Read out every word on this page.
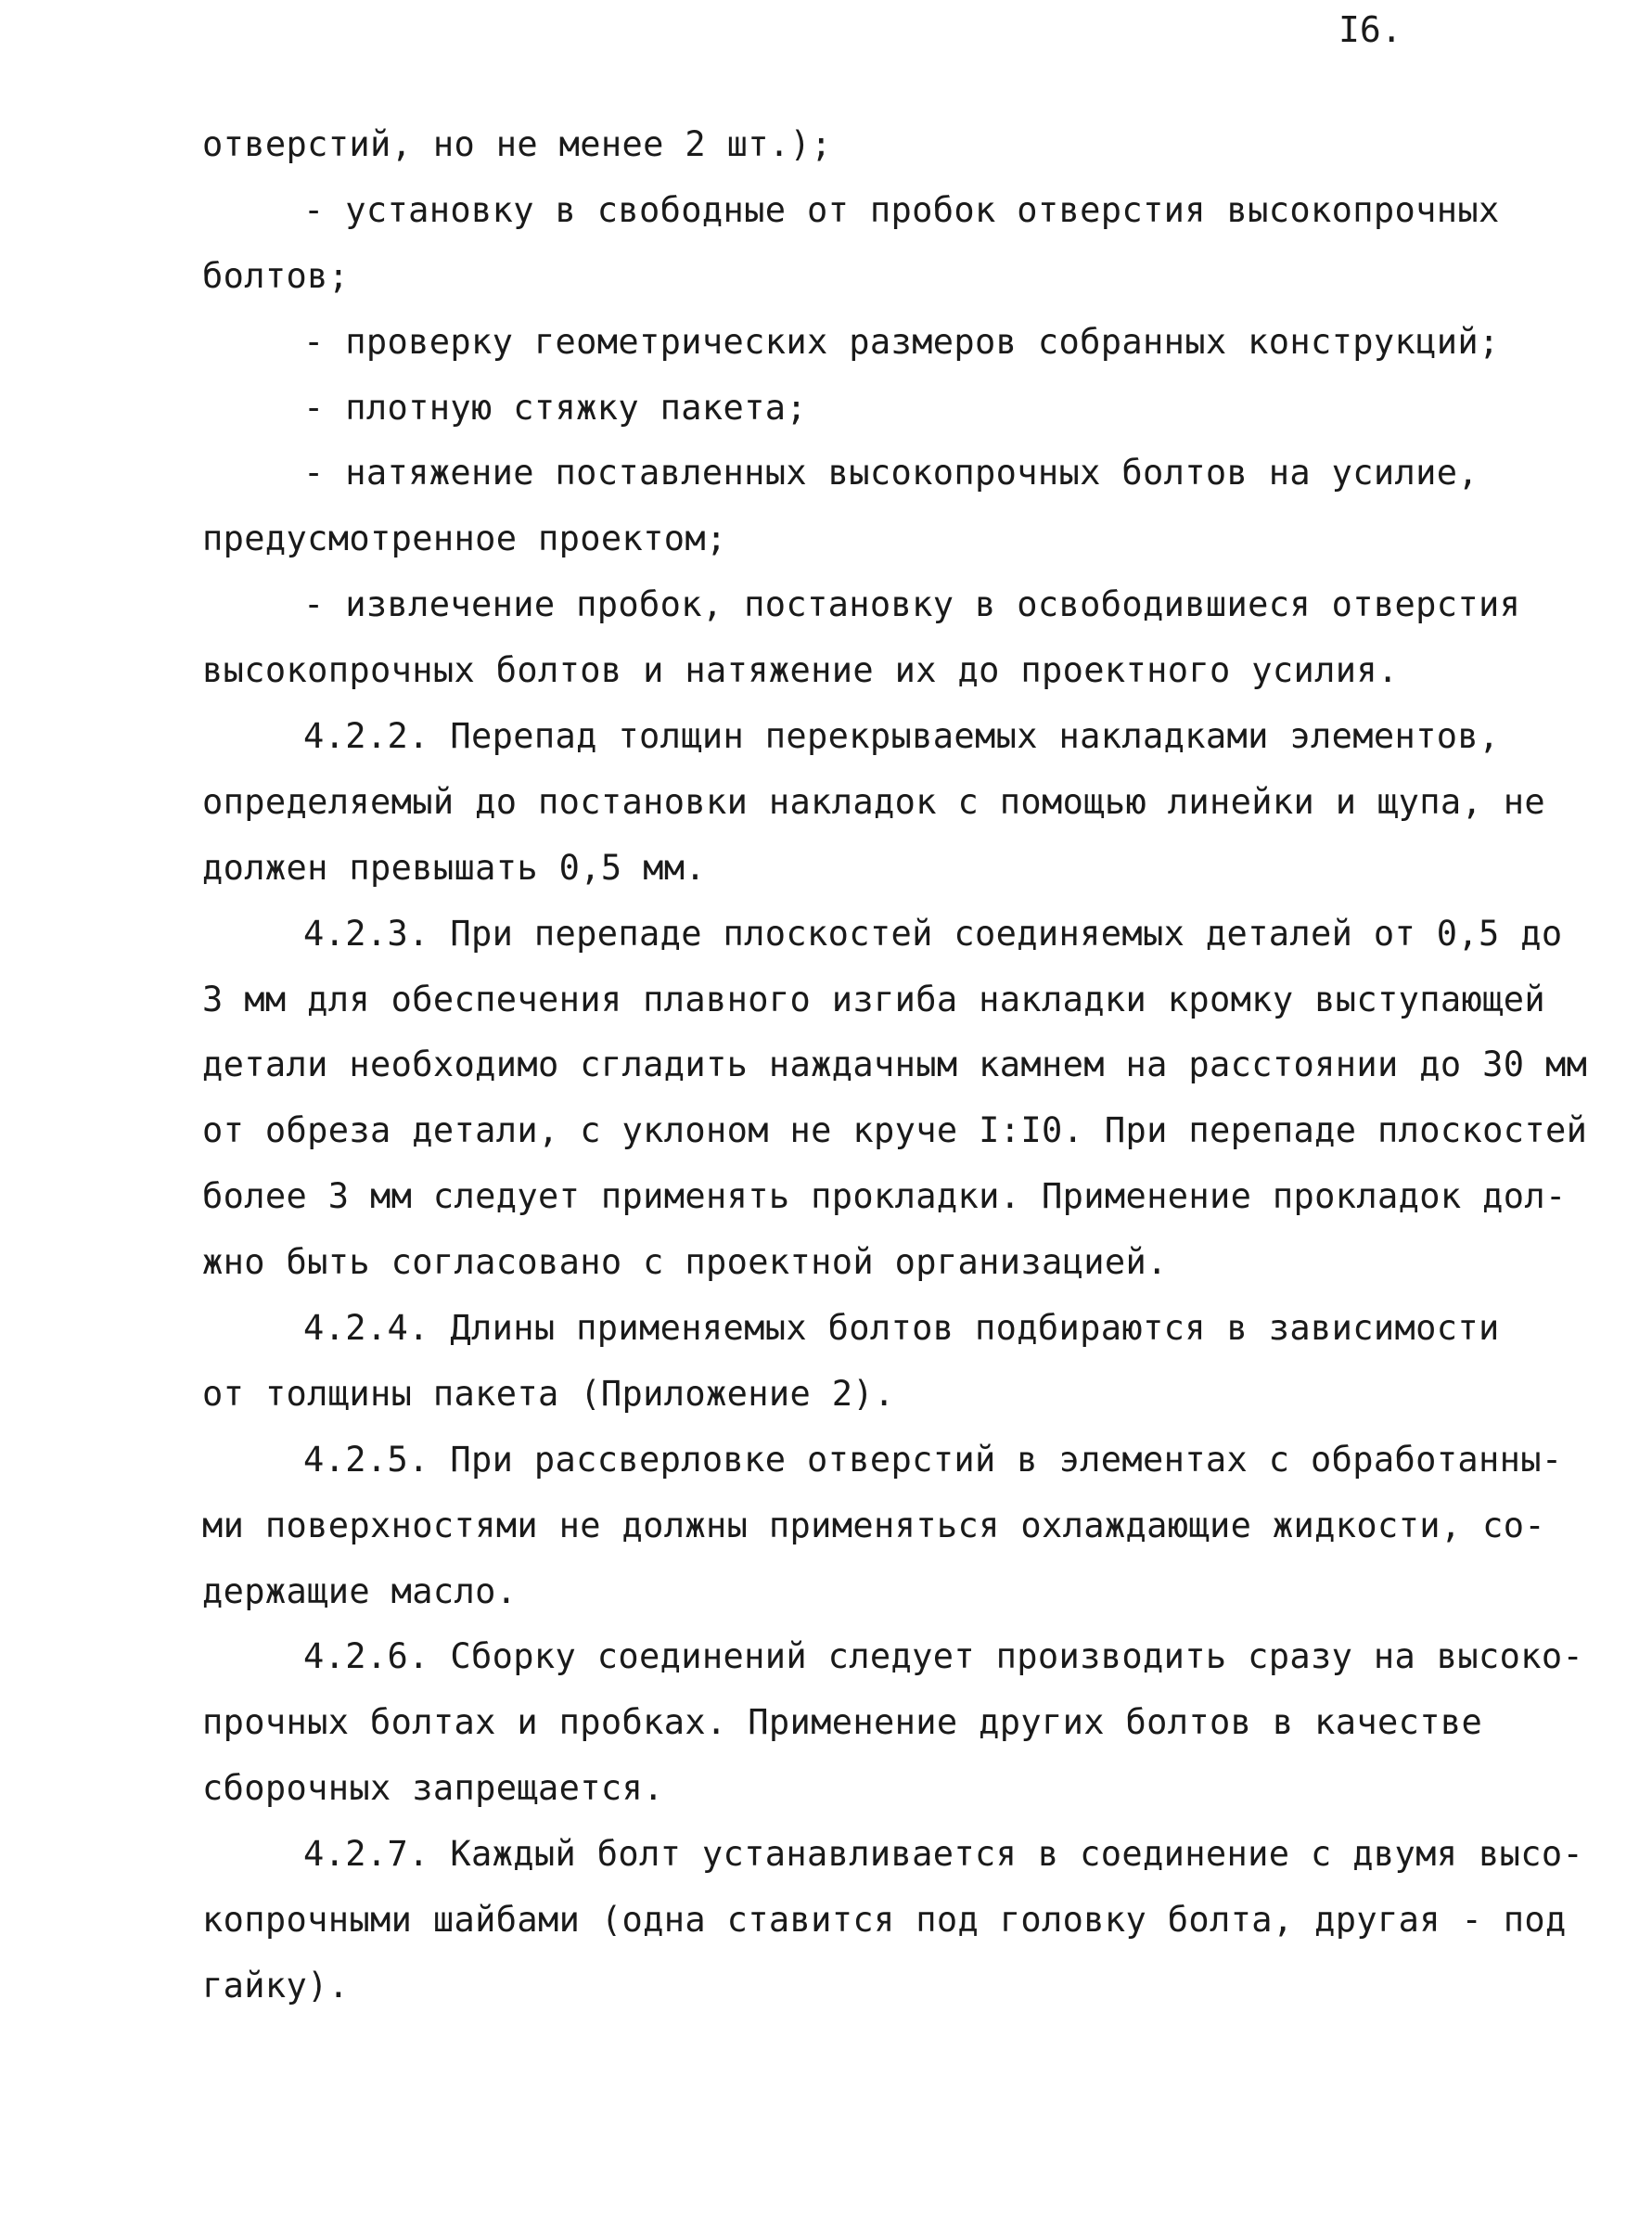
I6.
отверстий, но не менее 2 шт.);
- установку в свободные от пробок отверстия высокопрочных
болтов;
- проверку геометрических размеров собранных конструкций;
- плотную стяжку пакета;
- натяжение поставленных высокопрочных болтов на усилие,
предусмотренное проектом;
- извлечение пробок, постановку в освободившиеся отверстия
высокопрочных болтов и натяжение их до проектного усилия.
4.2.2. Перепад толщин перекрываемых накладками элементов,
определяемый до постановки накладок с помощью линейки и щупа, не
должен превышать 0,5 мм.
4.2.3. При перепаде плоскостей соединяемых деталей от 0,5 до
3 мм для обеспечения плавного изгиба накладки кромку выступающей
детали необходимо сгладить наждачным камнем на расстоянии до 30 мм
от обреза детали, с уклоном не круче I:I0. При перепаде плоскостей
более 3 мм следует применять прокладки. Применение прокладок дол-
жно быть согласовано с проектной организацией.
4.2.4. Длины применяемых болтов подбираются в зависимости
от толщины пакета (Приложение 2).
4.2.5. При рассверловке отверстий в элементах с обработанны-
ми поверхностями не должны применяться охлаждающие жидкости, со-
держащие масло.
4.2.6. Сборку соединений следует производить сразу на высоко-
прочных болтах и пробках. Применение других болтов в качестве
сборочных запрещается.
4.2.7. Каждый болт устанавливается в соединение с двумя высо-
копрочными шайбами (одна ставится под головку болта, другая - под
гайку).
